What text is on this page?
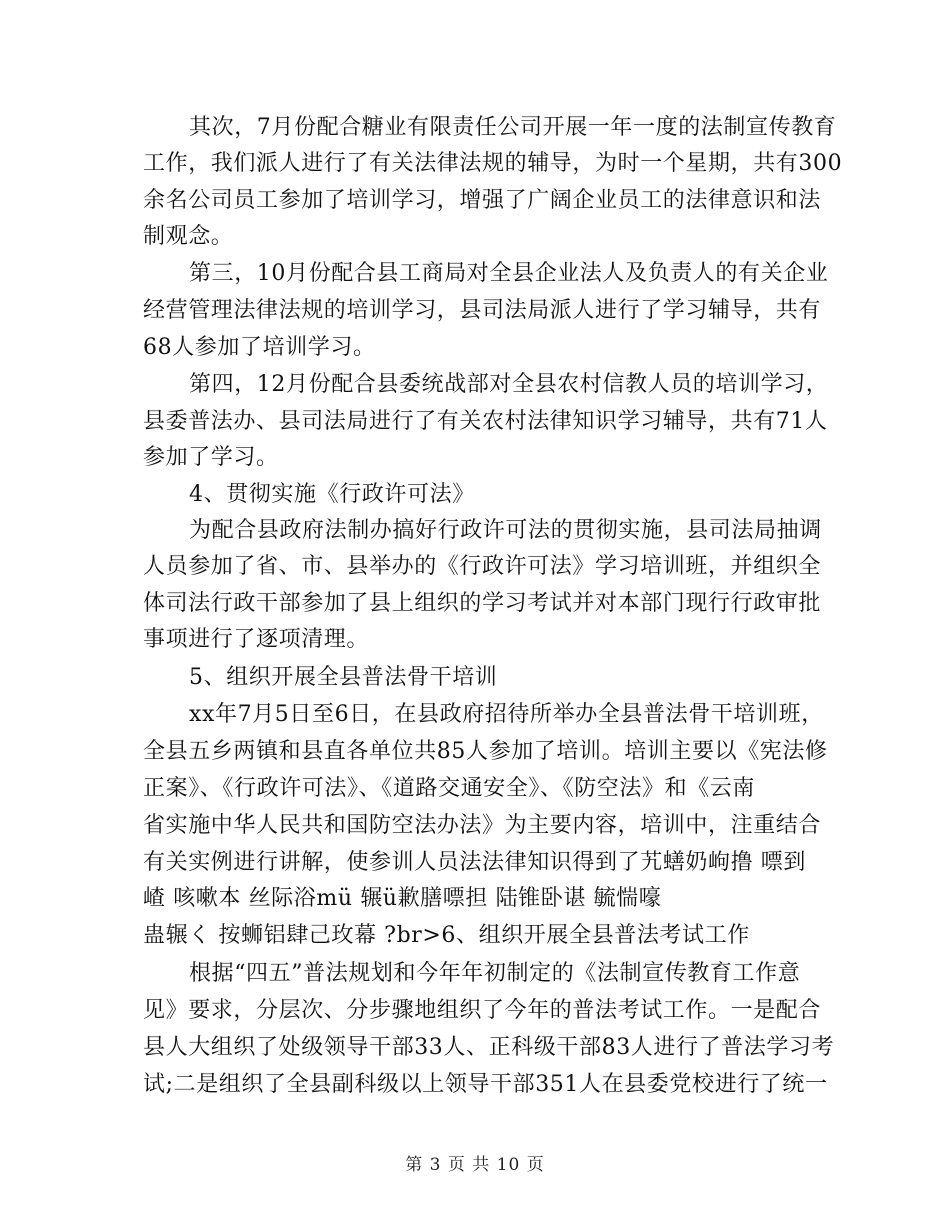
其次，7月份配合糖业有限责任公司开展一年一度的法制宣传教育
工作，我们派人进行了有关法律法规的辅导，为时一个星期，共有300
余名公司员工参加了培训学习，增强了广阔企业员工的法律意识和法
制观念。
第三，10月份配合县工商局对全县企业法人及负责人的有关企业
经营管理法律法规的培训学习，县司法局派人进行了学习辅导，共有
68人参加了培训学习。
第四，12月份配合县委统战部对全县农村信教人员的培训学习，
县委普法办、县司法局进行了有关农村法律知识学习辅导，共有71人
参加了学习。
4、贯彻实施《行政许可法》
为配合县政府法制办搞好行政许可法的贯彻实施，县司法局抽调
人员参加了省、市、县举办的《行政许可法》学习培训班，并组织全
体司法行政干部参加了县上组织的学习考试并对本部门现行行政审批
事项进行了逐项清理。
5、组织开展全县普法骨干培训
xx年7月5日至6日，在县政府招待所举办全县普法骨干培训班，
全县五乡两镇和县直各单位共85人参加了培训。培训主要以《宪法修
正案》、《行政许可法》、《道路交通安全》、《防空法》和《云南
省实施中华人民共和国防空法办法》为主要内容，培训中，注重结合
有关实例进行讲解，使参训人员法法律知识得到了艽蟮奶岣撸 嘌到
嵖 咳嗽本 丝际浴mü 辗ü歉膳嘌担 陆锥卧谌 毓惴嚎
蛊辗く 按蛳铝肆己玫幕 ?br>6、组织开展全县普法考试工作
根据“四五”普法规划和今年年初制定的《法制宣传教育工作意
见》要求，分层次、分步骤地组织了今年的普法考试工作。一是配合
县人大组织了处级领导干部33人、正科级干部83人进行了普法学习考
试;二是组织了全县副科级以上领导干部351人在县委党校进行了统一
第 3 页 共 10 页
